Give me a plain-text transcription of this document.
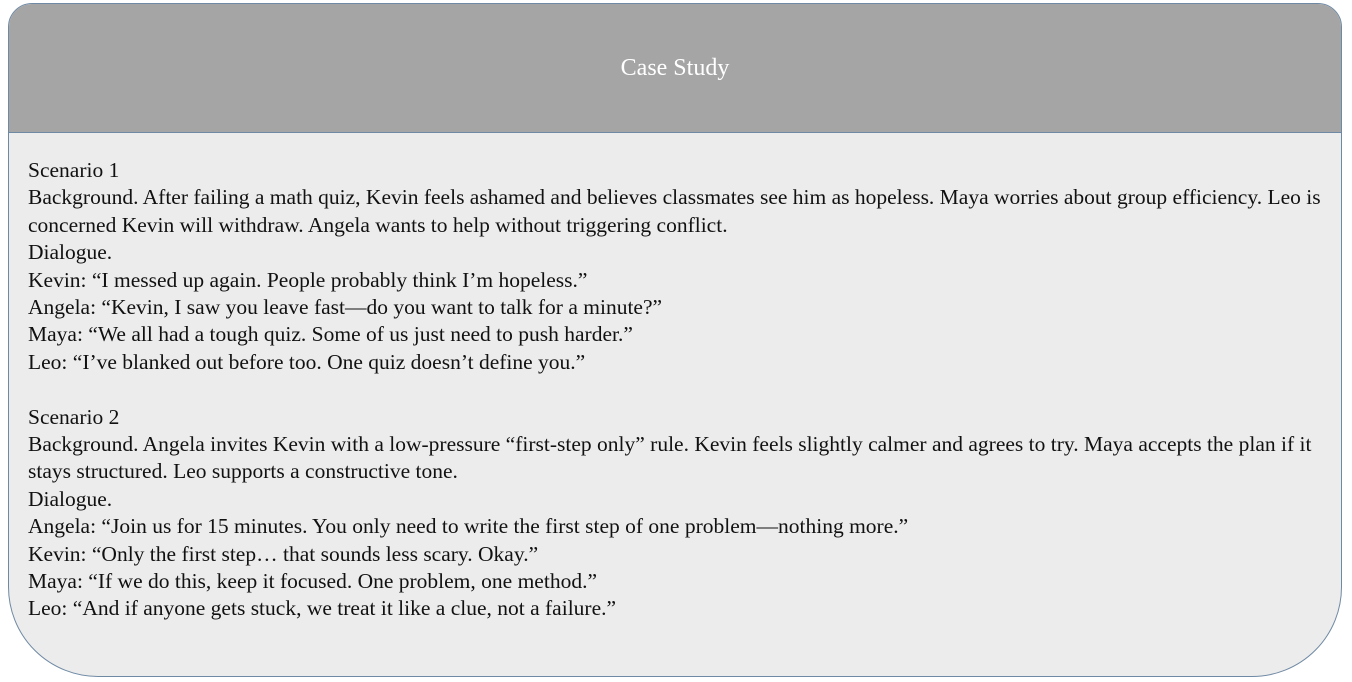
Case Study

Scenario 1

Background. After failing a math quiz, Kevin feels ashamed and believes classmates see him as hopeless. Maya worries about group efficiency. Leo is concerned Kevin will withdraw. Angela wants to help without triggering conflict.

Dialogue.

Kevin: “I messed up again. People probably think I’m hopeless.”

Angela: “Kevin, I saw you leave fast—do you want to talk for a minute?”

Maya: “We all had a tough quiz. Some of us just need to push harder.”

Leo: “I’ve blanked out before too. One quiz doesn’t define you.”

Scenario 2

Background. Angela invites Kevin with a low-pressure “first-step only” rule. Kevin feels slightly calmer and agrees to try. Maya accepts the plan if it stays structured. Leo supports a constructive tone.

Dialogue.

Angela: “Join us for 15 minutes. You only need to write the first step of one problem—nothing more.”

Kevin: “Only the first step… that sounds less scary. Okay.”

Maya: “If we do this, keep it focused. One problem, one method.”

Leo: “And if anyone gets stuck, we treat it like a clue, not a failure.”
